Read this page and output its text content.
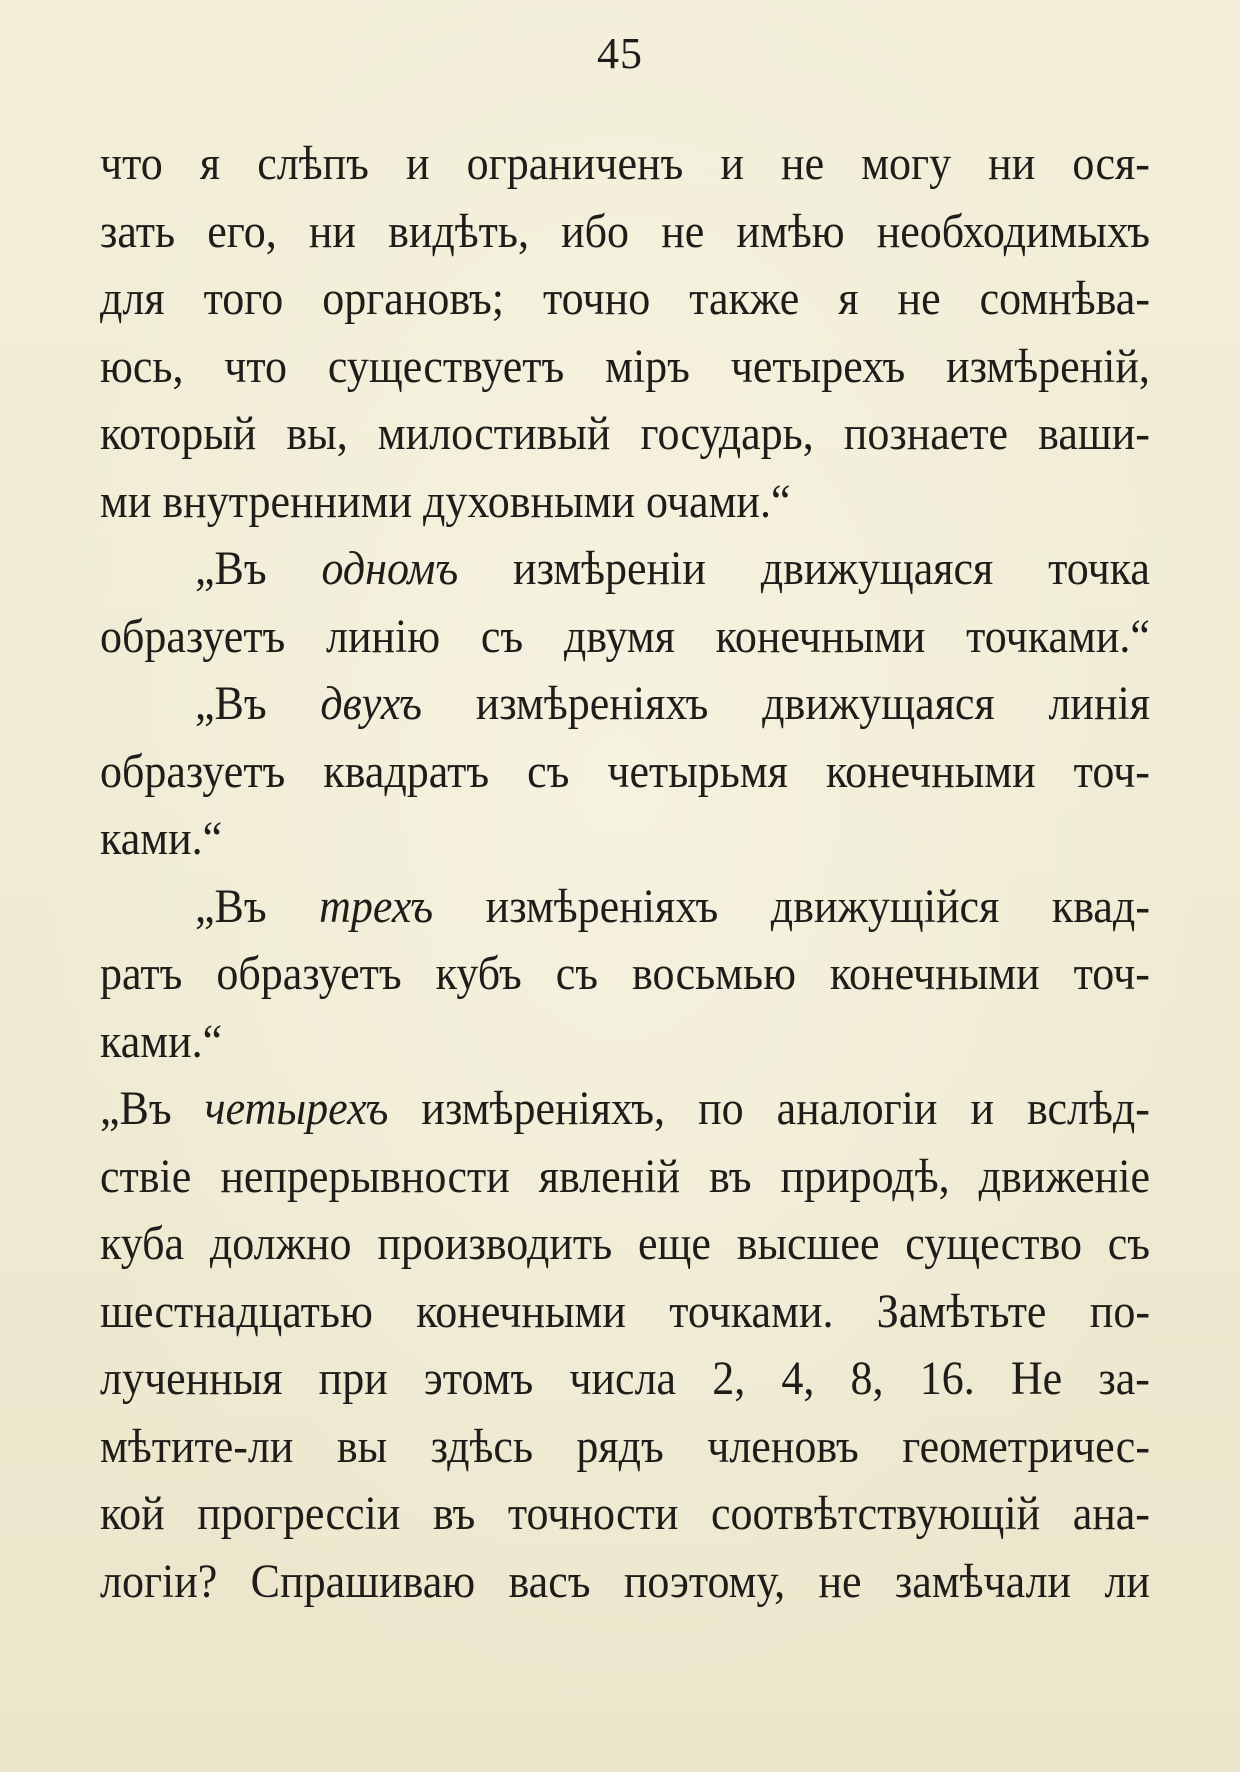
45
что я слѣпъ и ограниченъ и не могу ни ося-
зать его, ни видѣть, ибо не имѣю необходимыхъ
для того органовъ; точно также я не сомнѣва-
юсь, что существуетъ міръ четырехъ измѣреній,
который вы, милостивый государь, познаете ваши-
ми
внутренними
духовными
очами.“
„Въ одномъ измѣреніи движущаяся точка
образуетъ линію съ двумя конечными точками.“
„Въ двухъ измѣреніяхъ движущаяся линія
образуетъ квадратъ съ четырьмя конечными точ-
ками.“
„Въ трехъ измѣреніяхъ движущійся квад-
ратъ образуетъ кубъ съ восьмью конечными точ-
ками.“
„Въ четырехъ измѣреніяхъ, по аналогіи и вслѣд-
ствіе непрерывности явленій въ природѣ, движеніе
куба должно производить еще высшее существо съ
шестнадцатью конечными точками. Замѣтьте по-
лученныя при этомъ числа 2, 4, 8, 16. Не за-
мѣтите-ли вы здѣсь рядъ членовъ геометричес-
кой прогрессіи въ точности соотвѣтствующій ана-
логіи? Спрашиваю васъ поэтому, не замѣчали ли
